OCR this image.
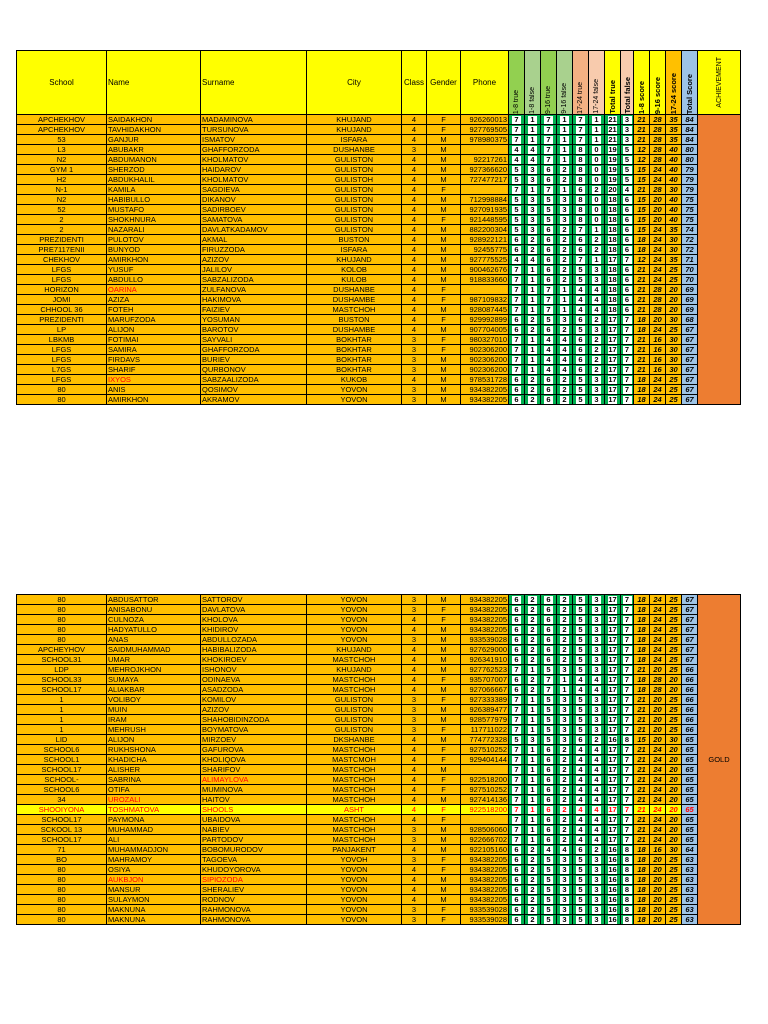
School	Name	Surname	City	Class	Gender	Phone	1-8 true	1-8 false	9-16 true	9-16 false	17-24 true	17-24 false	Total true	Total false	1-8 score	9-16 score	17-24 score	Total Score	ACHIEVEMENT

APCHEKHOV	SAIDAKHON	MADAMINOVA	KHUJAND	4	F	926260013	7	1	7	1	7	1	21	3	21	28	35	84	
APCHEKHOV	TAVHIDAKHON	TURSUNOVA	KHUJAND	4	F	927769505	7	1	7	1	7	1	21	3	21	28	35	84	
53	GANJUR	ISMATOV	ISFARA	4	M	978980375	7	1	7	1	7	1	21	3	21	28	35	84	
L3	ABUBAKR	GHAFFORZODA	DUSHANBE	3	M		4	4	7	1	8	0	19	5	12	28	40	80	
N2	ABDUMANON	KHOLMATOV	GULISTON	4	M	92217261	4	4	7	1	8	0	19	5	12	28	40	80	
GYM 1	SHERZOD	HAIDAROV	GULISTON	4	M	927366620	5	3	6	2	8	0	19	5	15	24	40	79	
H2	ABDUKHALIL	KHOLMATOV	GULISTOH	4	M	727477217	5	3	6	2	8	0	19	5	15	24	40	79	
N-1	KAMILA	SAGDIEVA	GULISTON	4	F		7	1	7	1	6	2	20	4	21	28	30	79	
N2	HABIBULLO	DIKANOV	GULISTON	4	M	712998884	5	3	5	3	8	0	18	6	15	20	40	75	
52	MUSTAFO	SADIRBOEV	GULISTON	4	M	927091935	5	3	5	3	8	0	18	6	15	20	40	75	
2	SHOKHNURA	SAMATOVA	GULISTON	4	F	921448595	5	3	5	3	8	0	18	6	15	20	40	75	
2	NAZARALI	DAVLATKADAMOV	GULISTON	4	M	882200304	5	3	6	2	7	1	18	6	15	24	35	74	
PREZIDENTI	PULOTOV	AKMAL	BUSTON	4	M	928922121	6	2	6	2	6	2	18	6	18	24	30	72	
PRE7117ENII	BUNYOD	FIRUZZODA	ISFARA	4	M	92455775	6	2	6	2	6	2	18	6	18	24	30	72	
CHEKHOV	AMIRKHON	AZIZOV	KHUJAND	4	M	927775525	4	4	6	2	7	1	17	7	12	24	35	71	
LFGS	YUSUF	JALILOV	KOLOB	4	M	900462676	7	1	6	2	5	3	18	6	21	24	25	70	
LFGS	ABDULLO	SABZALIZODA	KULOB	4	M	918833660	7	1	6	2	5	3	18	6	21	24	25	70	
HORIZON	OARINA	ZULFANOVA	DUSHANBE	4	F		7	1	7	1	4	4	18	6	21	28	20	69	
JOMI	AZIZA	HAKIMOVA	DUSHAMBE	4	F	987109832	7	1	7	1	4	4	18	6	21	28	20	69	
CHHOOL 36	FOTEH	FAIZIEV	MASTCHOH	4	M	928087445	7	1	7	1	4	4	18	6	21	28	20	69	
PREZIDENTI	MARUFZODA	YOSUMAN	BUSTON	4	F	929992899	6	2	5	3	6	2	17	7	18	20	30	68	
LP	ALIJON	BAROTOV	DUSHAMBE	4	M	907704005	6	2	6	2	5	3	17	7	18	24	25	67	
LBKMB	FOTIMAI	SAYVALI	BOKHTAR	3	F	980327010	7	1	4	4	6	2	17	7	21	16	30	67	
LFGS	SAMIRA	GHAFFORZODA	BOKHTAR	3	F	902306200	7	1	4	4	6	2	17	7	21	16	30	67	
LFGS	FIRDAVS	BURIEV	BOKHTAR	3	M	902306200	7	1	4	4	6	2	17	7	21	16	30	67	
L7GS	SHARIF	QURBONOV	BOKHTAR	3	M	902306200	7	1	4	4	6	2	17	7	21	16	30	67	
LFGS	IXYOS	SABZAALIZODA	KUKOB	4	M	978531728	6	2	6	2	5	3	17	7	18	24	25	67	
80	ANIS	QOSIMOV	YOVON	3	M	934382205	6	2	6	2	5	3	17	7	18	24	25	67	
80	AMIRKHON	AKRAMOV	YOVON	3	M	934382205	6	2	6	2	5	3	17	7	18	24	25	67	
80	ABDUSATTOR	SATTOROV	YOVON	3	M	934382205	6	2	6	2	5	3	17	7	18	24	25	67	GOLD
80	ANISABONU	DAVLATOVA	YOVON	3	F	934382205	6	2	6	2	5	3	17	7	18	24	25	67	
80	CULNOZA	KHOLOVA	YOVON	4	F	934382205	6	2	6	2	5	3	17	7	18	24	25	67	
80	HADYATULLO	KHIDIROV	YOVON	4	M	934382205	6	2	6	2	5	3	17	7	18	24	25	67	
80	ANAS	ABDULLOZADA	YOVON	3	M	933539028	6	2	6	2	5	3	17	7	18	24	25	67	
APCHEYHOV	SAIDMUHAMMAD	HABIBALIZODA	KHUJAND	4	M	927629000	6	2	6	2	5	3	17	7	18	24	25	67	
SCHOOL31	UMAR	KHOKIROEV	MASTCHOH	4	M	926341910	6	2	6	2	5	3	17	7	18	24	25	67	
LDP	MEHROJKHON	ISHONOV	KHUJAND	4	M	927762523	7	1	5	3	5	3	17	7	21	20	25	66	
SCHOOL33	SUMAYA	ODINAEVA	MASTCHOH	4	F	935707007	6	2	7	1	4	4	17	7	18	28	20	66	
SCHOOL17	ALIAKBAR	ASADZODA	MASTCHOH	4	M	927066667	6	2	7	1	4	4	17	7	18	28	20	66	
1	VOLIBOY	KOMILOV	GULISTON	3	F	927333389	7	1	5	3	5	3	17	7	21	20	25	66	
1	MUIN	AZIZOV	GULISTON	3	M	926389477	7	1	5	3	5	3	17	7	21	20	25	66	
1	IRAM	SHAHOBIDINZODA	GULISTON	3	M	928577979	7	1	5	3	5	3	17	7	21	20	25	66	
1	MEHRUSH	BOYMATOVA	GULISTON	3	F	117711022	7	1	5	3	5	3	17	7	21	20	25	66	
LID	ALIJON	MIRZOEV	DKSHANBE	4	M	774772328	5	3	5	3	6	2	16	8	15	20	30	65	
SCHOOL6	RUKHSHONA	GAFUROVA	MASTCHOH	4	F	927510252	7	1	6	2	4	4	17	7	21	24	20	65	
SCHOOL1	KHADICHA	KHOLIQOVA	MASTCMOH	4	F	929404144	7	1	6	2	4	4	17	7	21	24	20	65	
SCHOOL17	ALISHER	SHARIFOV	MASTCHOH	4	M		7	1	6	2	4	4	17	7	21	24	20	65	
SCHOOL-	SABRINA	ALIMAYLOVA	MASTCHOH	4	F	922518200	7	1	6	2	4	4	17	7	21	24	20	65	
SCHOOL6	OTIFA	MUMINOVA	MASTCHOH	4	F	927510252	7	1	6	2	4	4	17	7	21	24	20	65	
34	UROZALI	HAITOV	MASTCHOH	4	M	927414136	7	1	6	2	4	4	17	7	21	24	20	65	
SHOOIYONA	TOSHMATOVA	SHOOLS	ASHT	4	F	922518200	7	1	6	2	4	4	17	7	21	24	20	65	
SCHOOL17	PAYMONA	UBAIDOVA	MASTCHOH	4	F		7	1	6	2	4	4	17	7	21	24	20	65	
SCKOOL 13	MUHAMMAD	NABIEV	MASTCHOH	3	M	928506060	7	1	6	2	4	4	17	7	21	24	20	65	
SCHOOL17	ALI	PARTODOV	MASTCHOH	3	M	922666702	7	1	6	2	4	4	17	7	21	24	20	65	
71	MUHAMMADJON	BOBOMURODOV	PANJAKENT	4	M	922105160	6	2	4	4	6	2	16	8	18	16	30	64	
BO	MAHRAMOY	TAGOEVA	YOVOH	3	F	934382205	6	2	5	3	5	3	16	8	18	20	25	63	
80	OSIYA	KHUDOYOROVA	YOVON	4	F	934382205	6	2	5	3	5	3	16	8	18	20	25	63	
80	AUKBJON	SIPIOZODA	YOVON	4	M	934382205	6	2	5	3	5	3	16	8	18	20	25	63	
80	MANSUR	SHERALIEV	YOVON	4	M	934382205	6	2	5	3	5	3	16	8	18	20	25	63	
80	SULAYMON	RODNOV	YOVON	4	M	934382205	6	2	5	3	5	3	16	8	18	20	25	63	
80	MAKNUNA	RAHMONOVA	YOVON	3	F	933539028	6	2	5	3	5	3	16	8	18	20	25	63	
80	MAKNUNA	RAHMONOVA	YOVON	3	F	933539028	6	2	5	3	5	3	16	8	18	20	25	63	
